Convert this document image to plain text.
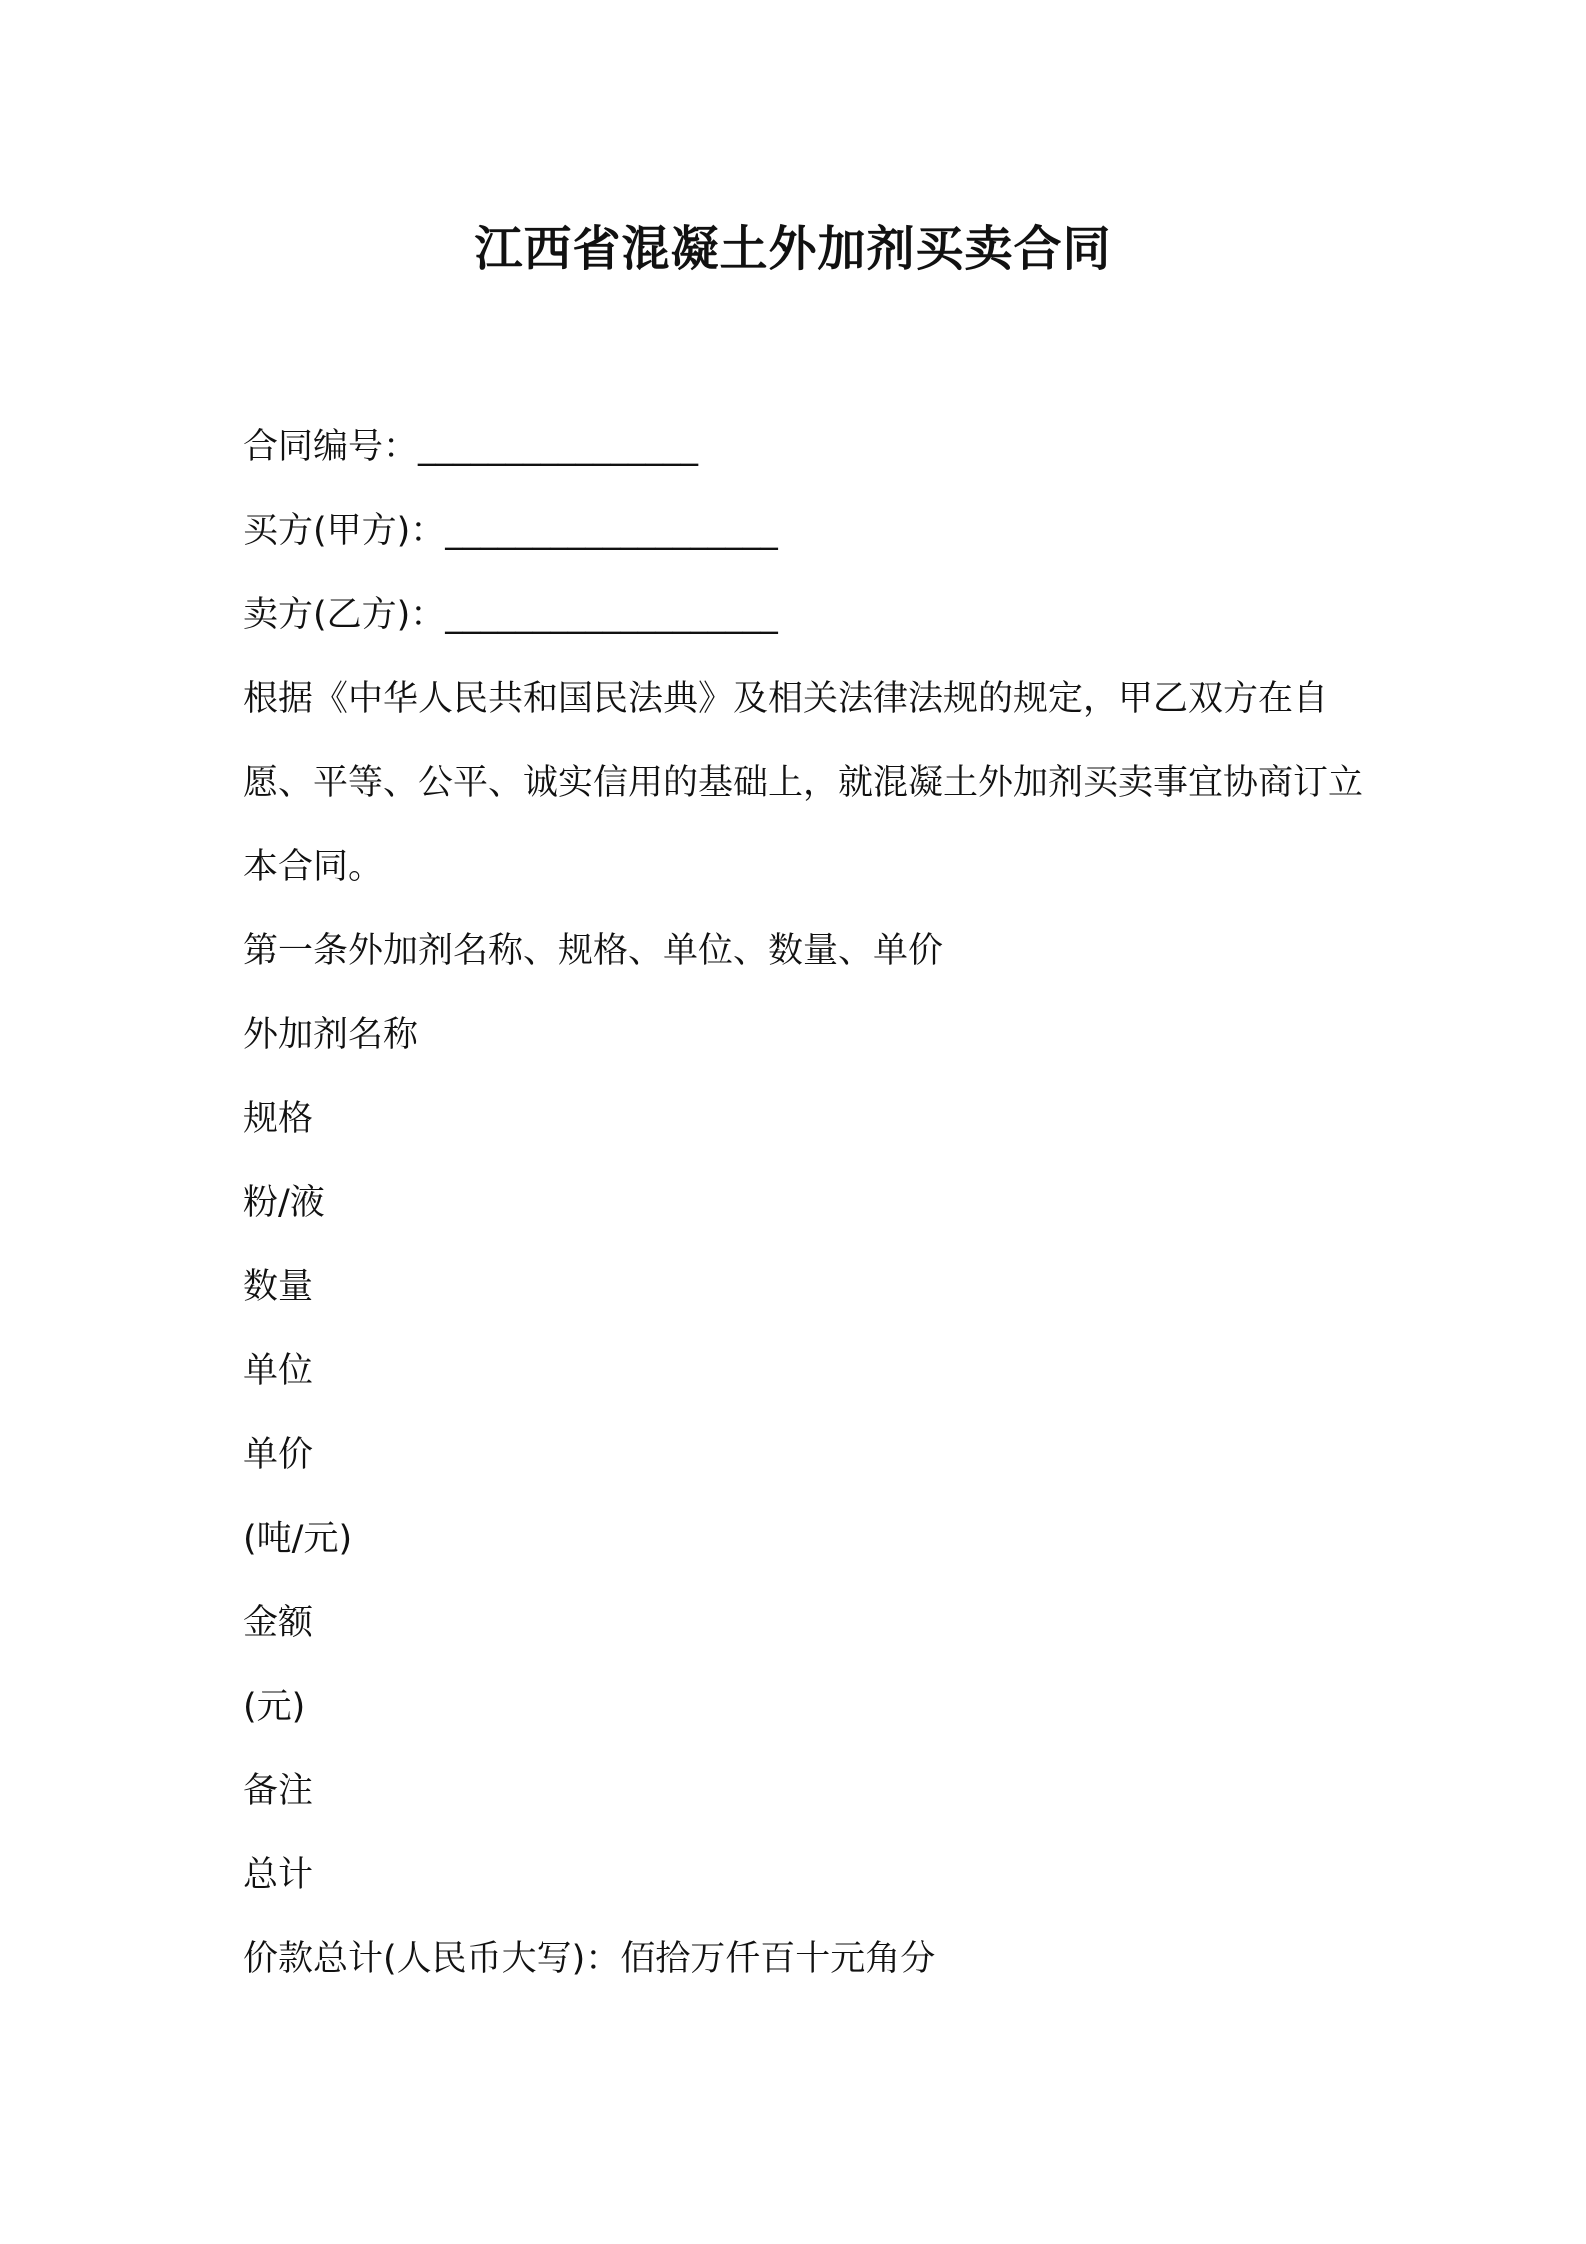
江西省混凝土外加剂买卖合同
合同编号：________________
买方(甲方)：___________________
卖方(乙方)：___________________
根据《中华人民共和国民法典》及相关法律法规的规定，甲乙双方在自愿、平等、公平、诚实信用的基础上，就混凝土外加剂买卖事宜协商订立本合同。
第一条外加剂名称、规格、单位、数量、单价
外加剂名称
规格
粉/液
数量
单位
单价
(吨/元)
金额
(元)
备注
总计
价款总计(人民币大写)：佰拾万仟百十元角分
